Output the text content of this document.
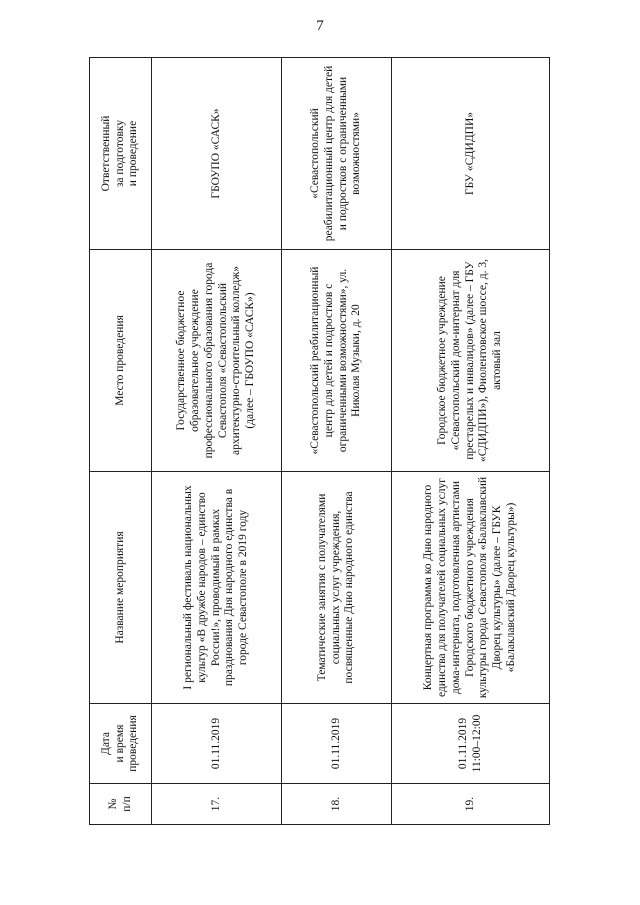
7
№
п/п	Дата
и время
проведения	Название мероприятия	Место проведения	Ответственный
за подготовку
и проведение

17.	01.11.2019	I региональный фестиваль национальных культур «В дружбе народов – единство России!», проводимый в рамках празднования Дня народного единства в городе Севастополе в 2019 году	Государственное бюджетное образовательное учреждение профессионального образования города Севастополя «Севастопольский архитектурно-строительный колледж» (далее – ГБОУПО «САСК»)	ГБОУПО «САСК»

18.	01.11.2019	Тематические занятия с получателями социальных услуг учреждения, посвященные Дню народного единства	«Севастопольский реабилитационный центр для детей и подростков с ограниченными возможностями», ул. Николая Музыки, д. 20	«Севастопольский реабилитационный центр для детей и подростков с ограниченными возможностями»

19.	01.11.2019
11:00–12:00	Концертная программа ко Дню народного единства для получателей социальных услуг дома-интерната, подготовленная артистами Городского бюджетного учреждения культуры города Севастополя «Балаклавский Дворец культуры» (далее – ГБУК «Балаклавский Дворец культуры»)	Городское бюджетное учреждение «Севастопольский дом-интернат для престарелых и инвалидов» (далее – ГБУ «СДИДПИ»), Фиолентовское шоссе, д. 3, актовый зал	ГБУ «СДИДПИ»
